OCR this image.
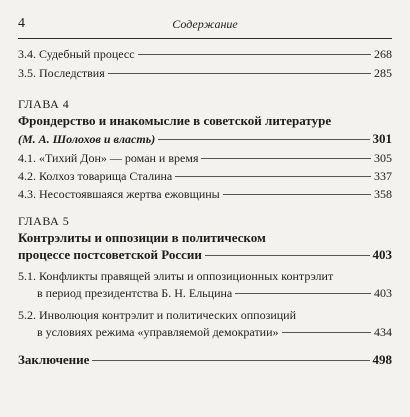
4	Содержание
3.4. Судебный процесс	268
3.5. Последствия	285
ГЛАВА 4
Фрондерство и инакомыслие в советской литературе
(М. А. Шолохов и власть)	301
4.1. «Тихий Дон» — роман и время	305
4.2. Колхоз товарища Сталина	337
4.3. Несостоявшаяся жертва ежовщины	358
ГЛАВА 5
Контрэлиты и оппозиции в политическом
процессе постсоветской России	403
5.1. Конфликты правящей элиты и оппозиционных контрэлит
в период президентства Б. Н. Ельцина	403
5.2. Инволюция контрэлит и политических оппозиций
в условиях режима «управляемой демократии»	434
Заключение	498
